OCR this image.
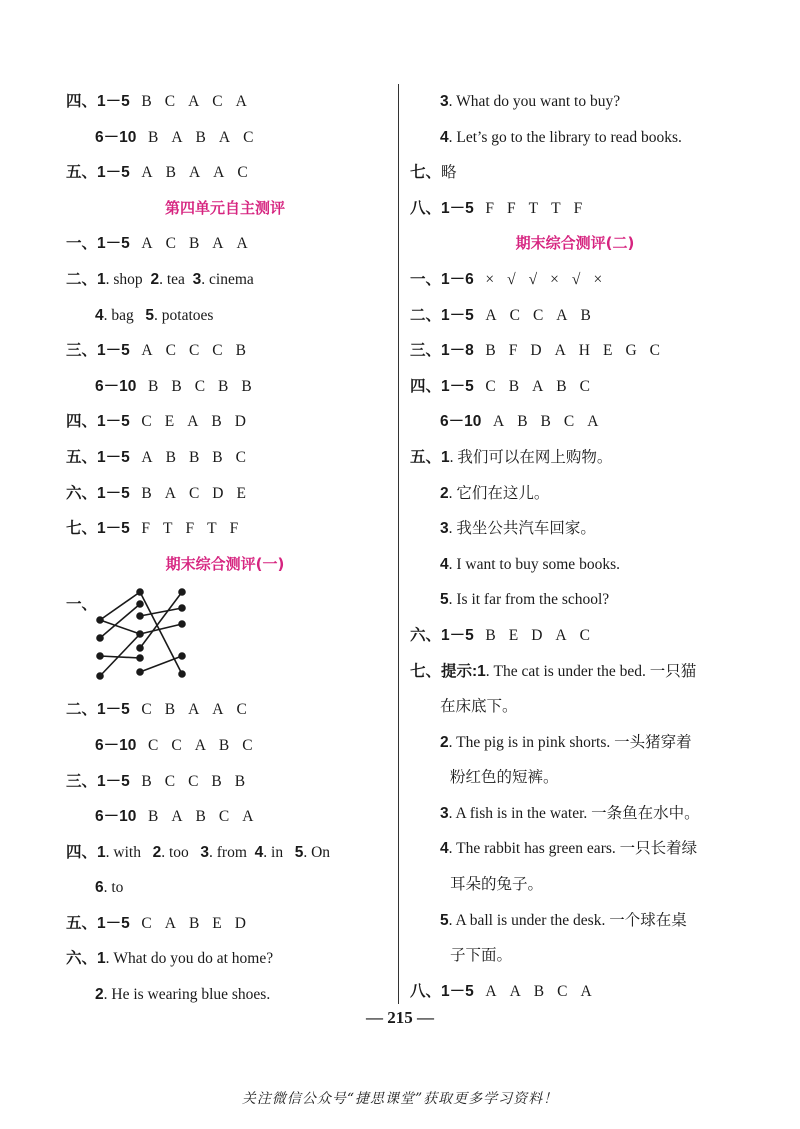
四、1－5 B C A C A
6－10 B A B A C
五、1－5 A B A A C
第四单元自主测评
一、1－5 A C B A A
二、1. shop 2. tea 3. cinema
4. bag 5. potatoes
三、1－5 A C C C B
6－10 B B C B B
四、1－5 C E A B D
五、1－5 A B B B C
六、1－5 B A C D E
七、1－5 F T F T F
期末综合测评(一)
一、
二、1－5 C B A A C
6－10 C C A B C
三、1－5 B C C B B
6－10 B A B C A
四、1. with 2. too 3. from 4. in 5. On
6. to
五、1－5 C A B E D
六、1. What do you do at home?
2. He is wearing blue shoes.
3. What do you want to buy?
4. Let’s go to the library to read books.
七、略
八、1－5 F F T T F
期末综合测评(二)
一、1－6 × √ √ × √ ×
二、1－5 A C C A B
三、1－8 B F D A H E G C
四、1－5 C B A B C
6－10 A B B C A
五、1. 我们可以在网上购物。
2. 它们在这儿。
3. 我坐公共汽车回家。
4. I want to buy some books.
5. Is it far from the school?
六、1－5 B E D A C
七、提示:1. The cat is under the bed. 一只猫
在床底下。
2. The pig is in pink shorts. 一头猪穿着
粉红色的短裤。
3. A fish is in the water. 一条鱼在水中。
4. The rabbit has green ears. 一只长着绿
耳朵的兔子。
5. A ball is under the desk. 一个球在桌
子下面。
八、1－5 A A B C A
— 215 —
关注微信公众号“捷思课堂”获取更多学习资料！
